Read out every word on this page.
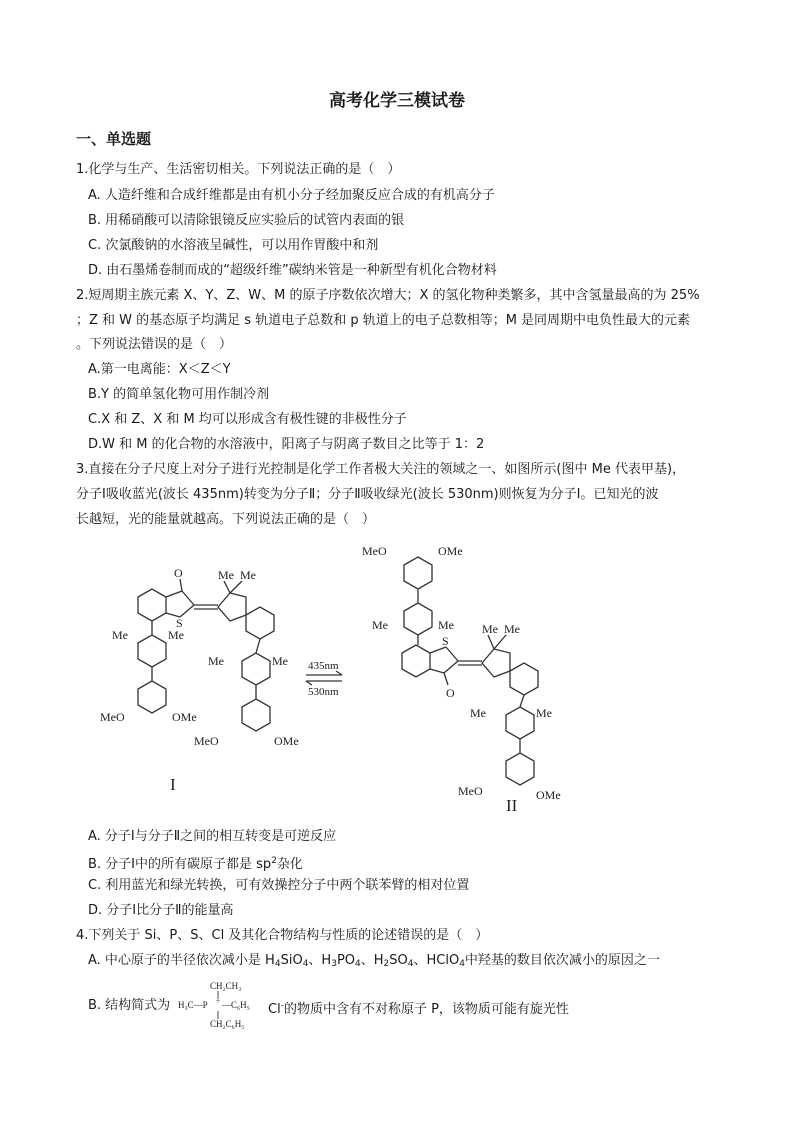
高考化学三模试卷
一、单选题
1.化学与生产、生活密切相关。下列说法正确的是（　）
A. 人造纤维和合成纤维都是由有机小分子经加聚反应合成的有机高分子
B. 用稀硝酸可以清除银镜反应实验后的试管内表面的银
C. 次氯酸钠的水溶液呈碱性，可以用作胃酸中和剂
D. 由石墨烯卷制而成的“超级纤维”碳纳米管是一种新型有机化合物材料
2.短周期主族元素 X、Y、Z、W、M 的原子序数依次增大；X 的氢化物种类繁多，其中含氢量最高的为 25%
；Z 和 W 的基态原子均满足 s 轨道电子总数和 p 轨道上的电子总数相等；M 是同周期中电负性最大的元素
。下列说法错误的是（　）
A.第一电离能：X＜Z＜Y
B.Y 的简单氢化物可用作制冷剂
C.X 和 Z、X 和 M 均可以形成含有极性键的非极性分子
D.W 和 M 的化合物的水溶液中，阳离子与阴离子数目之比等于 1：2
3.直接在分子尺度上对分子进行光控制是化学工作者极大关注的领域之一、如图所示(图中 Me 代表甲基)，
分子Ⅰ吸收蓝光(波长 435nm)转变为分子Ⅱ；分子Ⅱ吸收绿光(波长 530nm)则恢复为分子Ⅰ。已知光的波
长越短，光的能量就越高。下列说法正确的是（　）
O
S
Me Me
Me	Me
MeO	OMe
Me	Me
MeO	OMe
I
435nm
530nm
MeO	OMe
Me	Me
S
O
Me Me
Me	Me
MeO	OMe
II
A. 分子Ⅰ与分子Ⅱ之间的相互转变是可逆反应
B. 分子Ⅰ中的所有碳原子都是 $sp^2$杂化
C. 利用蓝光和绿光转换，可有效操控分子中两个联苯臂的相对位置
D. 分子Ⅰ比分子Ⅱ的能量高
4.下列关于 Si、P、S、Cl 及其化合物结构与性质的论述错误的是（　）
A. 中心原子的半径依次减小是 $H_4SiO_4$、$H_3PO_4$、$H_2SO_4$、HClO$_4$中羟基的数目依次减小的原因之一
B. 结构简式为
CH₂CH₃
H₃C—P + —C₆H₅
CH₂C₆H₅
Cl-的物质中含有不对称原子 P，该物质可能有旋光性
